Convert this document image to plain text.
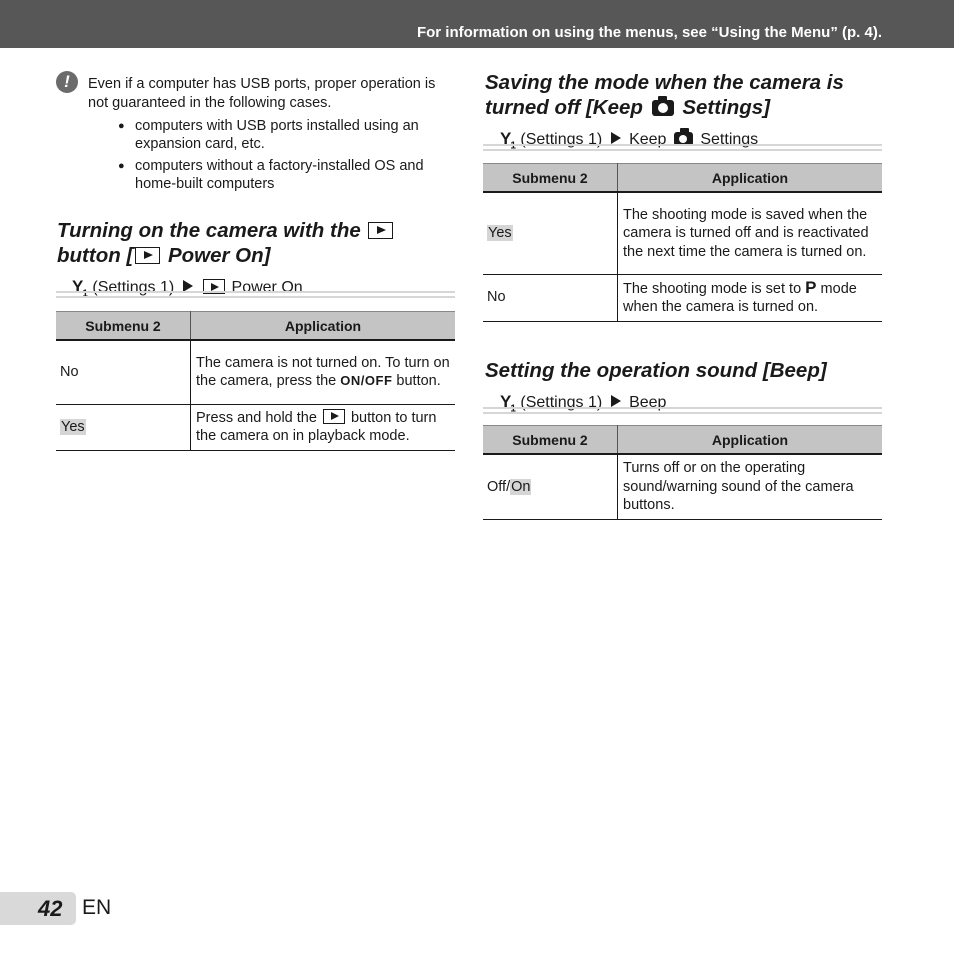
For information on using the menus, see “Using the Menu” (p. 4).
!	Even if a computer has USB ports, proper operation is not guaranteed in the following cases.
● computers with USB ports installed using an expansion card, etc.
● computers without a factory-installed OS and home-built computers
Turning on the camera with the
button [ Power On]
$Y_1$ (Settings 1)	Power On
Submenu 2	Application
No	The camera is not turned on. To turn on the camera, press the ON/OFF button.
Yes	Press and hold the button to turn the camera on in playback mode.
Saving the mode when the camera is turned off [Keep Settings]
$Y_1$ (Settings 1) Keep Settings
Submenu 2	Application
Yes	The shooting mode is saved when the camera is turned off and is reactivated the next time the camera is turned on.
No	The shooting mode is set to P mode when the camera is turned on.
Setting the operation sound [Beep]
$Y_1$ (Settings 1) Beep
Submenu 2	Application
Off/On	Turns off or on the operating sound/warning sound of the camera buttons.
42 EN
